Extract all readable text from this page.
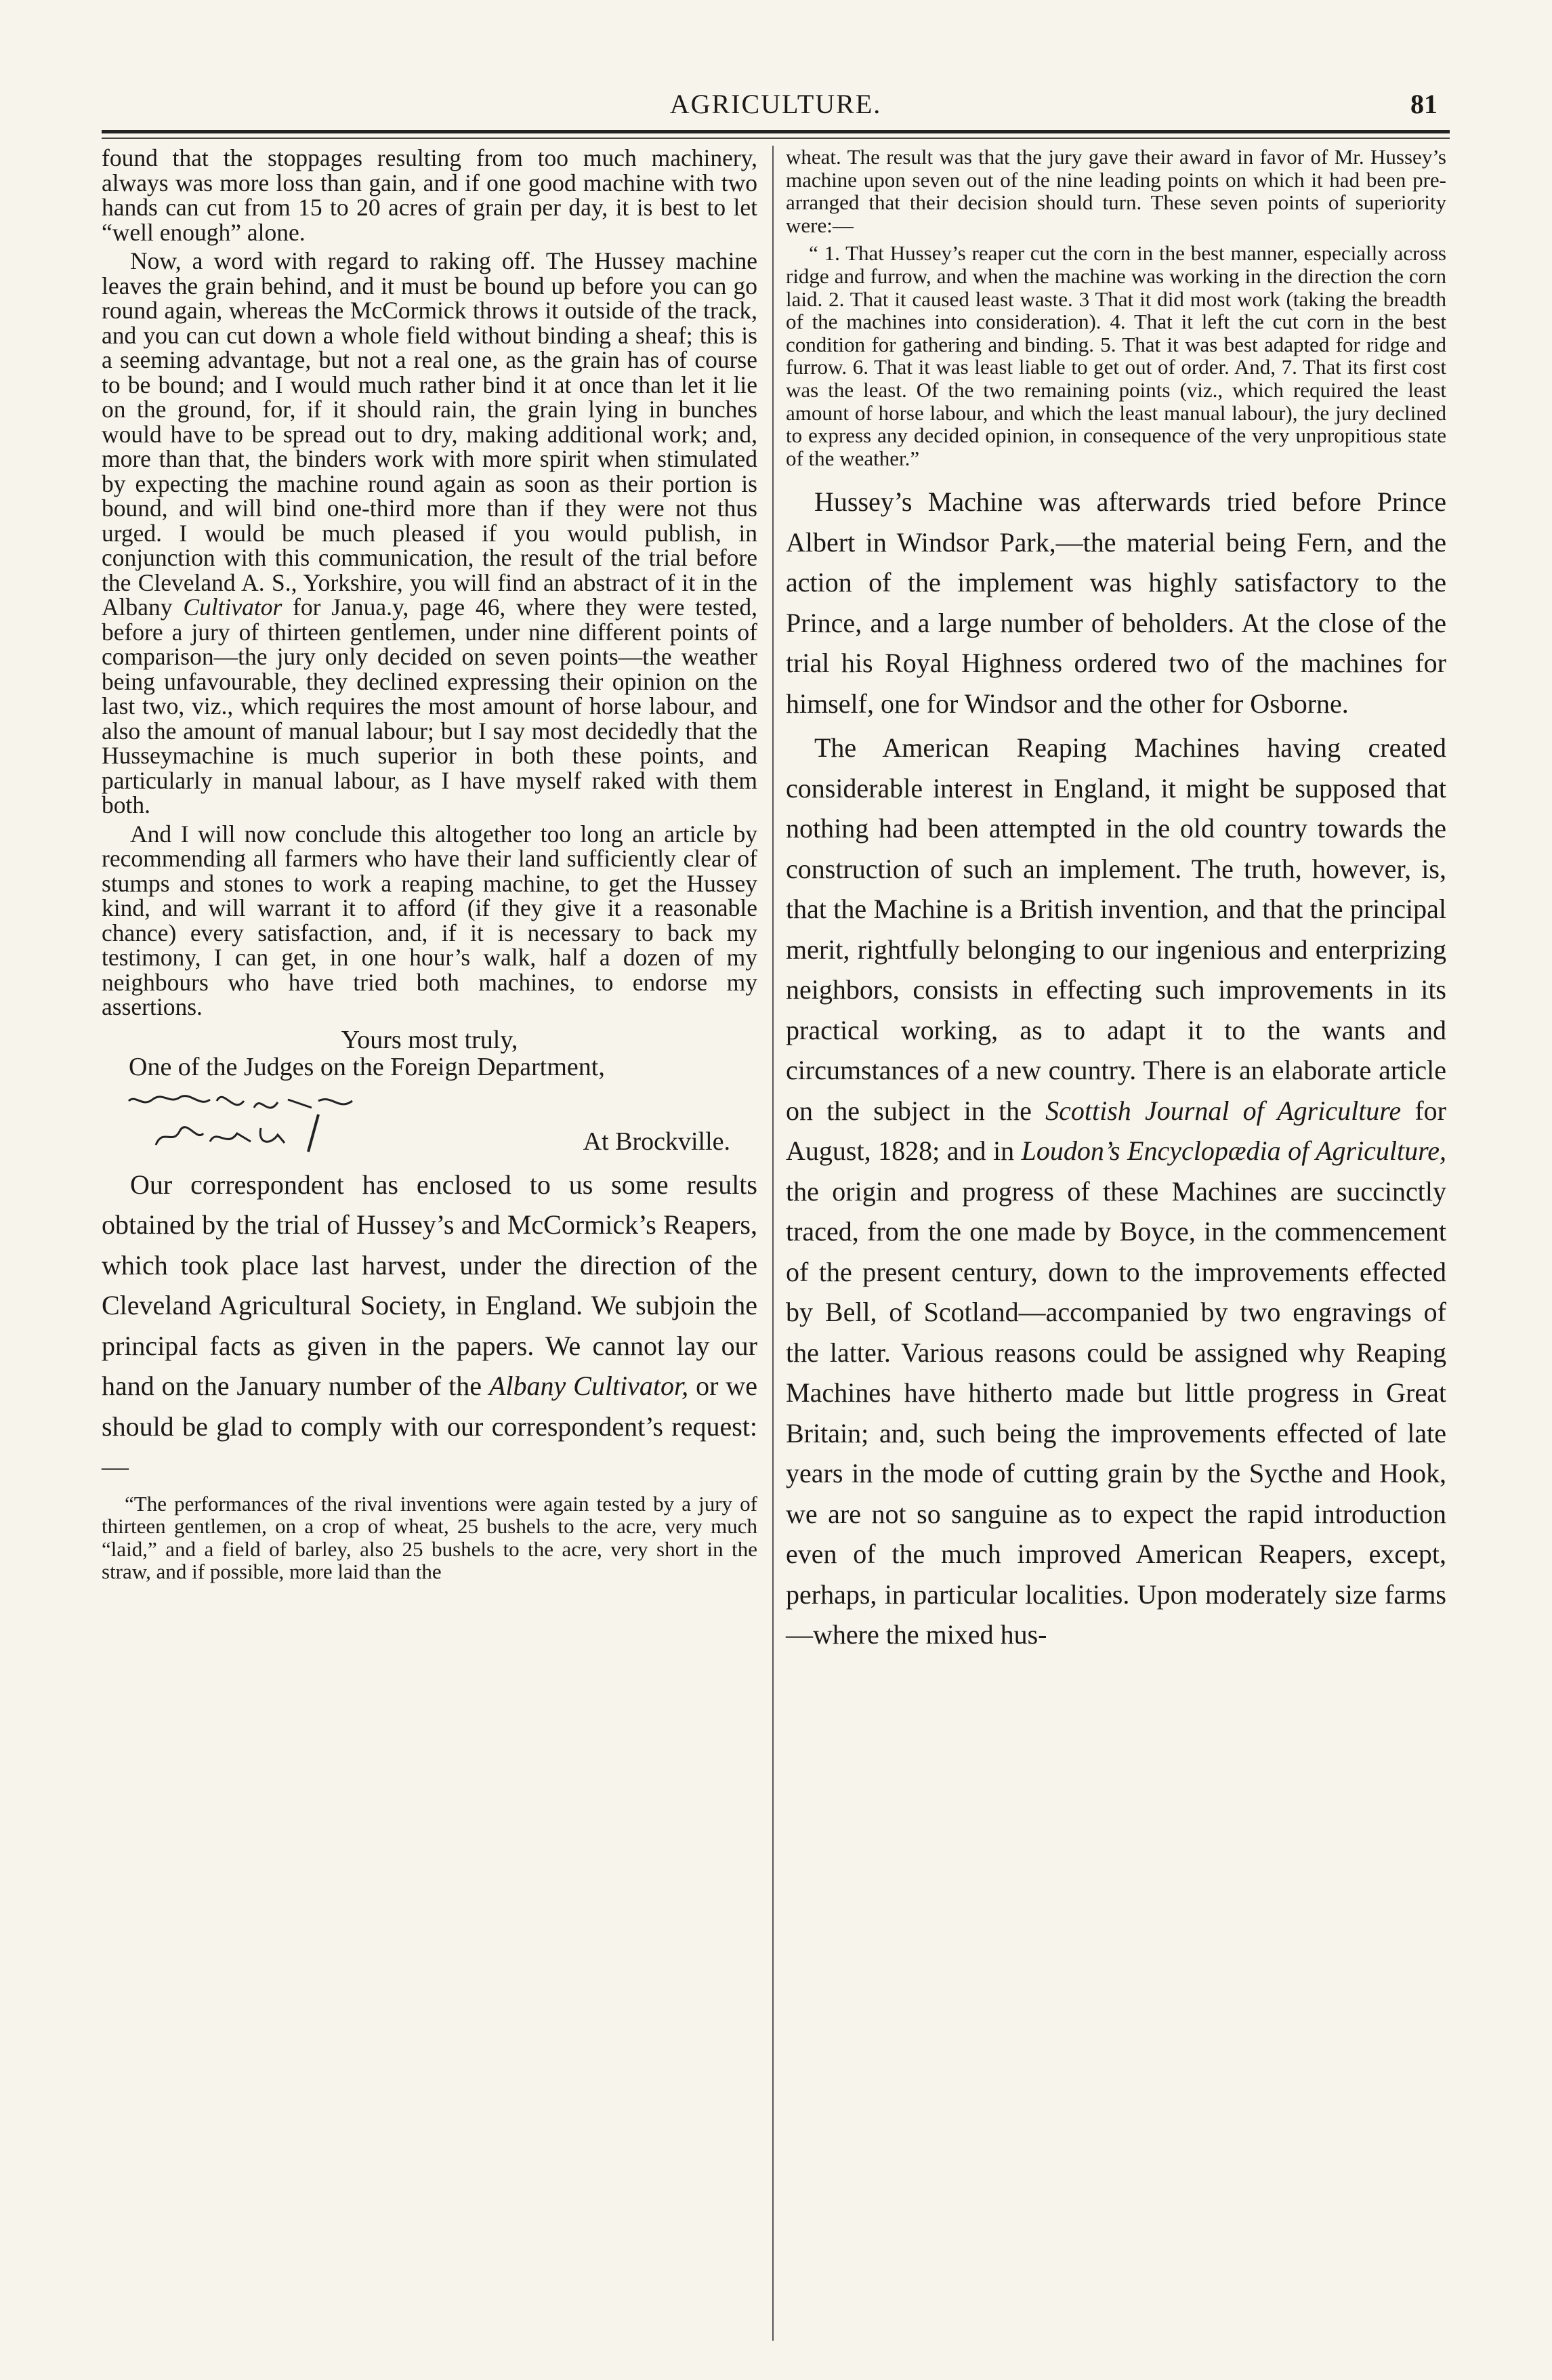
AGRICULTURE.	81

found that the stoppages resulting from too much machinery, always was more loss than gain, and if one good machine with two hands can cut from 15 to 20 acres of grain per day, it is best to let “well enough” alone.

Now, a word with regard to raking off. The Hussey machine leaves the grain behind, and it must be bound up before you can go round again, whereas the McCormick throws it outside of the track, and you can cut down a whole field without binding a sheaf; this is a seeming advantage, but not a real one, as the grain has of course to be bound; and I would much rather bind it at once than let it lie on the ground, for, if it should rain, the grain lying in bunches would have to be spread out to dry, making additional work; and, more than that, the binders work with more spirit when stimulated by expecting the machine round again as soon as their portion is bound, and will bind one-third more than if they were not thus urged. I would be much pleased if you would publish, in conjunction with this communication, the result of the trial before the Cleveland A. S., Yorkshire, you will find an abstract of it in the Albany Cultivator for Janua.y, page 46, where they were tested, before a jury of thirteen gentlemen, under nine different points of comparison—the jury only decided on seven points—the weather being unfavourable, they declined expressing their opinion on the last two, viz., which requires the most amount of horse labour, and also the amount of manual labour; but I say most decidedly that the Husseymachine is much superior in both these points, and particularly in manual labour, as I have myself raked with them both.

And I will now conclude this altogether too long an article by recommending all farmers who have their land sufficiently clear of stumps and stones to work a reaping machine, to get the Hussey kind, and will warrant it to afford (if they give it a reasonable chance) every satisfaction, and, if it is necessary to back my testimony, I can get, in one hour’s walk, half a dozen of my neighbours who have tried both machines, to endorse my assertions.

Yours most truly,
One of the Judges on the Foreign Department,
At Brockville.

Our correspondent has enclosed to us some results obtained by the trial of Hussey’s and McCormick’s Reapers, which took place last harvest, under the direction of the Cleveland Agricultural Society, in England. We subjoin the principal facts as given in the papers. We cannot lay our hand on the January number of the Albany Cultivator, or we should be glad to comply with our correspondent’s request:—

“The performances of the rival inventions were again tested by a jury of thirteen gentlemen, on a crop of wheat, 25 bushels to the acre, very much “laid,” and a field of barley, also 25 bushels to the acre, very short in the straw, and if possible, more laid than the

wheat. The result was that the jury gave their award in favor of Mr. Hussey’s machine upon seven out of the nine leading points on which it had been pre-arranged that their decision should turn. These seven points of superiority were:—

“ 1. That Hussey’s reaper cut the corn in the best manner, especially across ridge and furrow, and when the machine was working in the direction the corn laid. 2. That it caused least waste. 3 That it did most work (taking the breadth of the machines into consideration). 4. That it left the cut corn in the best condition for gathering and binding. 5. That it was best adapted for ridge and furrow. 6. That it was least liable to get out of order. And, 7. That its first cost was the least. Of the two remaining points (viz., which required the least amount of horse labour, and which the least manual labour), the jury declined to express any decided opinion, in consequence of the very unpropitious state of the weather.”

Hussey’s Machine was afterwards tried before Prince Albert in Windsor Park,—the material being Fern, and the action of the implement was highly satisfactory to the Prince, and a large number of beholders. At the close of the trial his Royal Highness ordered two of the machines for himself, one for Windsor and the other for Osborne.

The American Reaping Machines having created considerable interest in England, it might be supposed that nothing had been attempted in the old country towards the construction of such an implement. The truth, however, is, that the Machine is a British invention, and that the principal merit, rightfully belonging to our ingenious and enterprizing neighbors, consists in effecting such improvements in its practical working, as to adapt it to the wants and circumstances of a new country. There is an elaborate article on the subject in the Scottish Journal of Agriculture for August, 1828; and in Loudon’s Encyclopædia of Agriculture, the origin and progress of these Machines are succinctly traced, from the one made by Boyce, in the commencement of the present century, down to the improvements effected by Bell, of Scotland—accompanied by two engravings of the latter. Various reasons could be assigned why Reaping Machines have hitherto made but little progress in Great Britain; and, such being the improvements effected of late years in the mode of cutting grain by the Sycthe and Hook, we are not so sanguine as to expect the rapid introduction even of the much improved American Reapers, except, perhaps, in particular localities. Upon moderately size farms—where the mixed hus-
